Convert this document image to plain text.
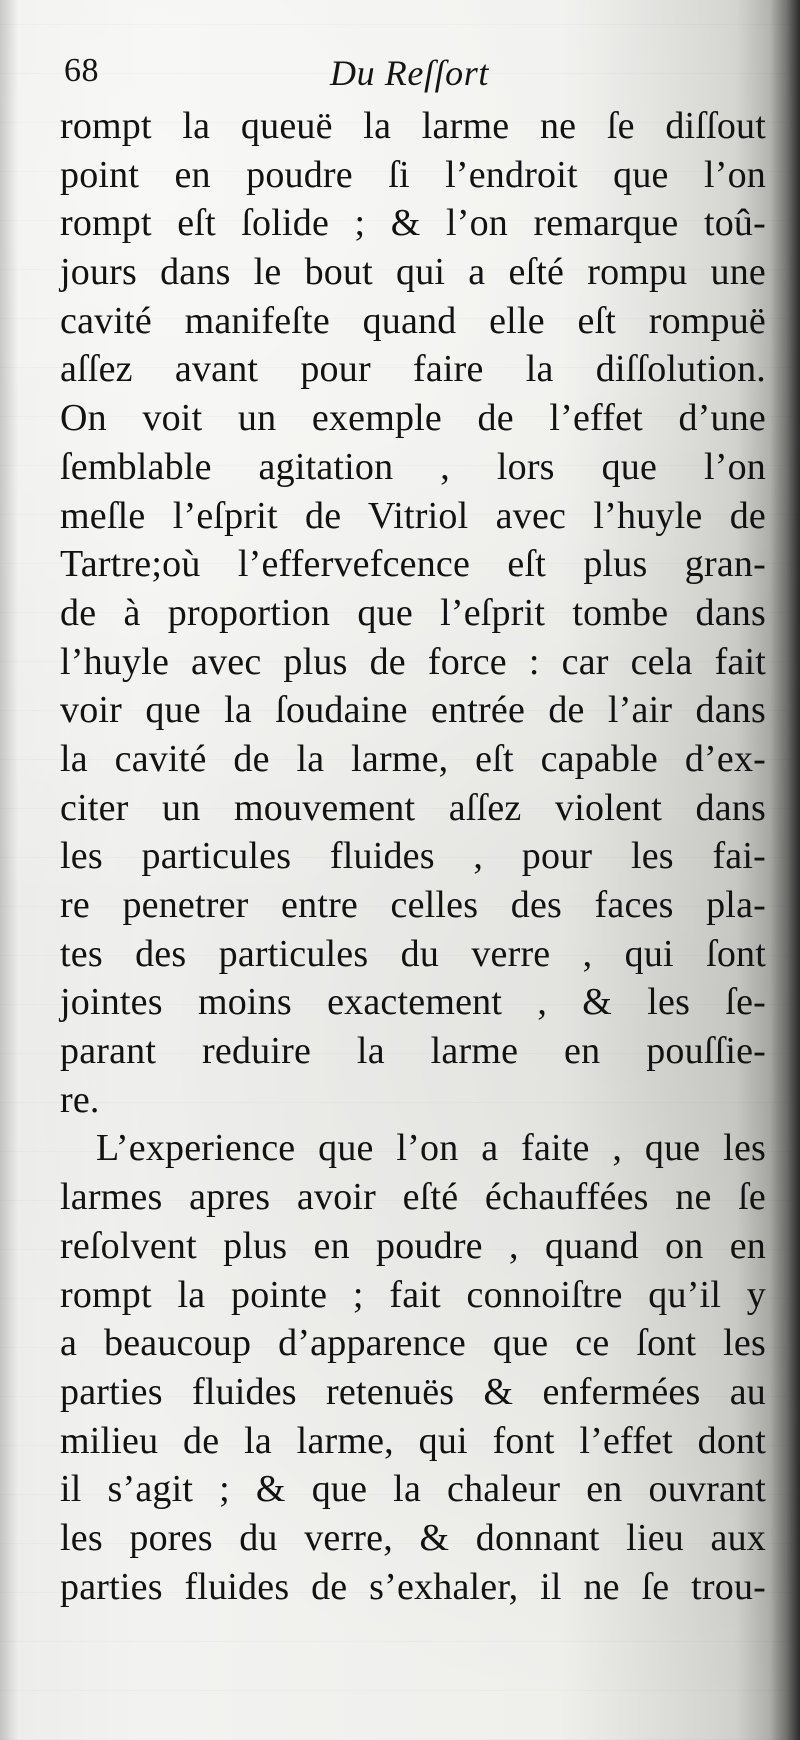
68	Du Reſſort
rompt la queuë la larme ne ſe diſſout
point en poudre ſi l’endroit que l’on
rompt eſt ſolide ; & l’on remarque toû-
jours dans le bout qui a eſté rompu une
cavité manifeſte quand elle eſt rompuë
aſſez avant pour faire la diſſolution.
On voit un exemple de l’effet d’une
ſemblable agitation , lors que l’on
meſle l’eſprit de Vitriol avec l’huyle de
Tartre;où l’effervefcence eſt plus gran-
de à proportion que l’eſprit tombe dans
l’huyle avec plus de force : car cela fait
voir que la ſoudaine entrée de l’air dans
la cavité de la larme, eſt capable d’ex-
citer un mouvement aſſez violent dans
les particules fluides , pour les fai-
re penetrer entre celles des faces pla-
tes des particules du verre , qui ſont
jointes moins exactement , & les ſe-
parant reduire la larme en pouſſie-
re.
L’experience que l’on a faite , que les
larmes apres avoir eſté échauffées ne ſe
reſolvent plus en poudre , quand on en
rompt la pointe ; fait connoiſtre qu’il y
a beaucoup d’apparence que ce ſont les
parties fluides retenuës & enfermées au
milieu de la larme, qui font l’effet dont
il s’agit ; & que la chaleur en ouvrant
les pores du verre, & donnant lieu aux
parties fluides de s’exhaler, il ne ſe trou-
